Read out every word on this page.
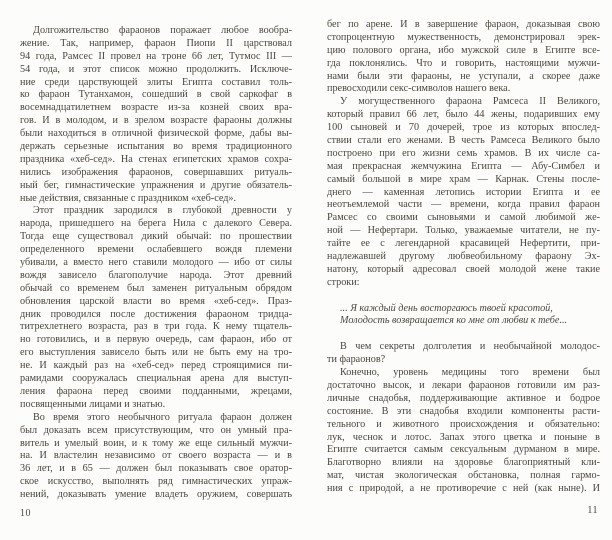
Долгожительство фараонов поражает любое вообра-
жение. Так, например, фараон Пиопи II царствовал
94 года, Рамсес II провел на троне 66 лет, Тутмос III —
54 года, и этот список можно продолжить. Исключе-
ние среди царствующей элиты Египта составил толь-
ко фараон Тутанхамон, сошедший в свой саркофаг в
восемнадцатилетнем возрасте из-за козней своих вра-
гов. И в молодом, и в зрелом возрасте фараоны должны
были находиться в отличной физической форме, дабы вы-
держать серьезные испытания во время традиционного
праздника «хеб-сед». На стенах египетских храмов сохра-
нились изображения фараонов, совершавших ритуаль-
ный бег, гимнастические упражнения и другие обязатель-
ные действия, связанные с праздником «хеб-сед».
Этот праздник зародился в глубокой древности у
народа, пришедшего на берега Нила с далекого Севера.
Тогда еще существовал дикий обычай: по прошествии
определенного времени ослабевшего вождя племени
убивали, а вместо него ставили молодого — ибо от силы
вождя зависело благополучие народа. Этот древний
обычай со временем был заменен ритуальным обрядом
обновления царской власти во время «хеб-сед». Праз-
дник проводился после достижения фараоном тридца-
титрехлетнего возраста, раз в три года. К нему тщатель-
но готовились, и в первую очередь, сам фараон, ибо от
его выступления зависело быть или не быть ему на тро-
не. И каждый раз на «хеб-сед» перед строящимися пи-
рамидами сооружалась специальная арена для выступ-
ления фараона перед своими подданными, жрецами,
посвященными лицами и знатью.
Во время этого необычного ритуала фараон должен
был доказать всем присутствующим, что он умный пра-
витель и умелый воин, и к тому же еще сильный мужчи-
на. И властелин независимо от своего возраста — и в
36 лет, и в 65 — должен был показывать свое оратор-
ское искусство, выполнять ряд гимнастических упраж-
нений, доказывать умение владеть оружием, совершать
10
бег по арене. И в завершение фараон, доказывая свою
стопроцентную мужественность, демонстрировал эрек-
цию полового органа, ибо мужской силе в Египте все-
гда поклонялись. Что и говорить, настоящими мужчи-
нами были эти фараоны, не уступали, а скорее даже
превосходили секс-символов нашего века.
У могущественного фараона Рамсеса II Великого,
который правил 66 лет, было 44 жены, подаривших ему
100 сыновей и 70 дочерей, трое из которых впослед-
ствии стали его женами. В честь Рамсеса Великого было
построено при его жизни семь храмов. В их числе са-
мая прекрасная жемчужина Египта — Абу-Симбел и
самый большой в мире храм — Карнак. Стены после-
днего — каменная летопись истории Египта и ее
неотъемлемой части — времени, когда правил фараон
Рамсес со своими сыновьями и самой любимой же-
ной — Нефертари. Только, уважаемые читатели, не пу-
тайте ее с легендарной красавицей Нефертити, при-
надлежавшей другому любвеобильному фараону Эх-
натону, который адресовал своей молодой жене такие
строки:
... Я каждый день восторгаюсь твоей красотой,
Молодость возвращается ко мне от любви к тебе...
В чем секреты долголетия и необычайной молодос-
ти фараонов?
Конечно, уровень медицины того времени был
достаточно высок, и лекари фараонов готовили им раз-
личные снадобья, поддерживающие активное и бодрое
состояние. В эти снадобья входили компоненты расти-
тельного и животного происхождения и обязательно:
лук, чеснок и лотос. Запах этого цветка и поныне в
Египте считается самым сексуальным дурманом в мире.
Благотворно влияли на здоровье благоприятный кли-
мат, чистая экологическая обстановка, полная гармо-
ния с природой, а не противоречие с ней (как ныне). И
11
